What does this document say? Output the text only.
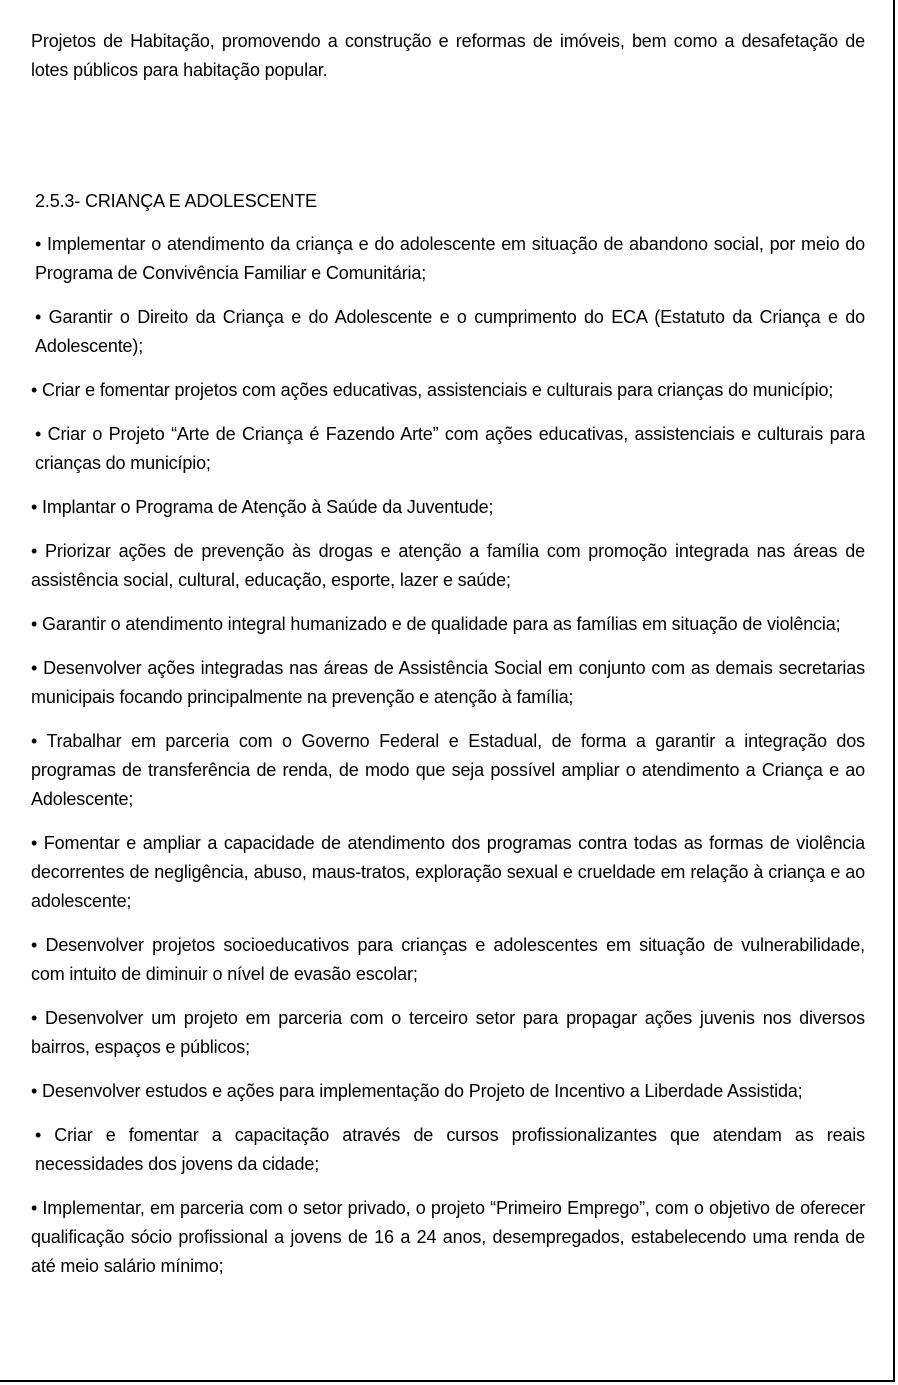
Projetos de Habitação, promovendo a construção e reformas de imóveis, bem como a desafetação de lotes públicos para habitação popular.

2.5.3- CRIANÇA E ADOLESCENTE

• Implementar o atendimento da criança e do adolescente em situação de abandono social, por meio do Programa de Convivência Familiar e Comunitária;

• Garantir o Direito da Criança e do Adolescente e o cumprimento do ECA (Estatuto da Criança e do Adolescente);

• Criar e fomentar projetos com ações educativas, assistenciais e culturais para crianças do município;

• Criar o Projeto “Arte de Criança é Fazendo Arte” com ações educativas, assistenciais e culturais para crianças do município;

• Implantar o Programa de Atenção à Saúde da Juventude;

• Priorizar ações de prevenção às drogas e atenção a família com promoção integrada nas áreas de assistência social, cultural, educação, esporte, lazer e saúde;

• Garantir o atendimento integral humanizado e de qualidade para as famílias em situação de violência;

• Desenvolver ações integradas nas áreas de Assistência Social em conjunto com as demais secretarias municipais focando principalmente na prevenção e atenção à família;

• Trabalhar em parceria com o Governo Federal e Estadual, de forma a garantir a integração dos programas de transferência de renda, de modo que seja possível ampliar o atendimento a Criança e ao Adolescente;

• Fomentar e ampliar a capacidade de atendimento dos programas contra todas as formas de violência decorrentes de negligência, abuso, maus-tratos, exploração sexual e crueldade em relação à criança e ao adolescente;

• Desenvolver projetos socioeducativos para crianças e adolescentes em situação de vulnerabilidade, com intuito de diminuir o nível de evasão escolar;

• Desenvolver um projeto em parceria com o terceiro setor para propagar ações juvenis nos diversos bairros, espaços e públicos;

• Desenvolver estudos e ações para implementação do Projeto de Incentivo a Liberdade Assistida;

• Criar e fomentar a capacitação através de cursos profissionalizantes que atendam as reais necessidades dos jovens da cidade;

• Implementar, em parceria com o setor privado, o projeto “Primeiro Emprego”, com o objetivo de oferecer qualificação sócio profissional a jovens de 16 a 24 anos, desempregados, estabelecendo uma renda de até meio salário mínimo;
